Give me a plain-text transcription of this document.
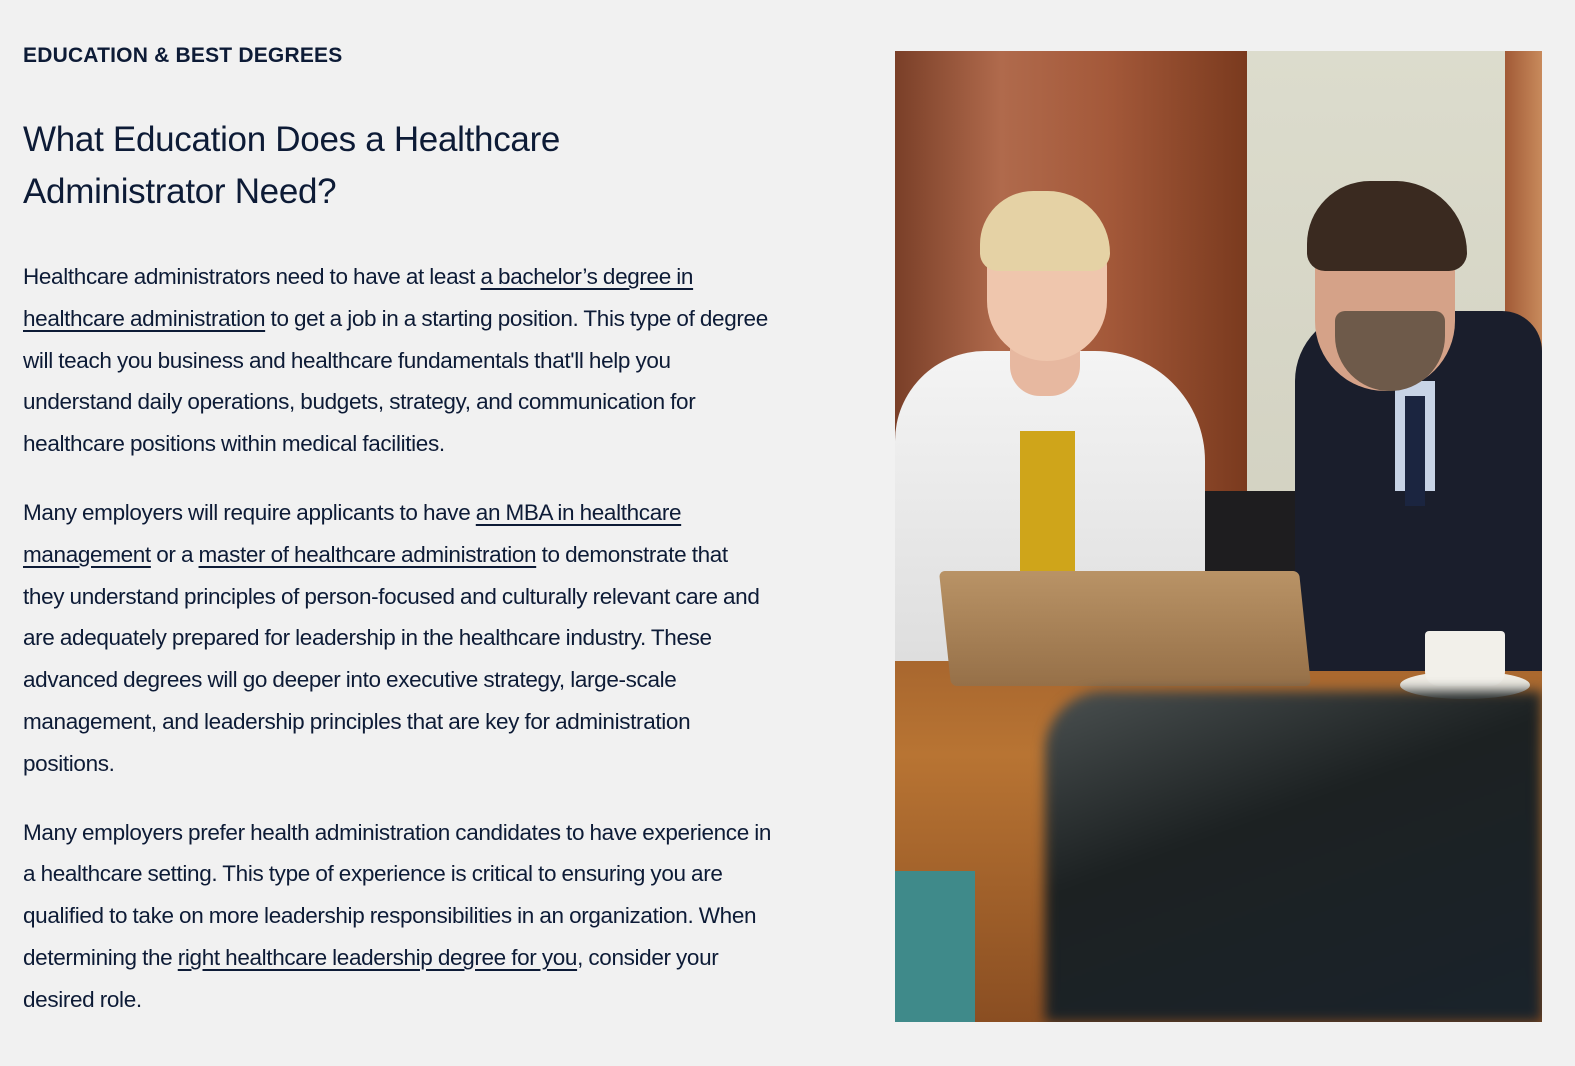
EDUCATION & BEST DEGREES
What Education Does a Healthcare Administrator Need?

Healthcare administrators need to have at least a bachelor’s degree in healthcare administration to get a job in a starting position. This type of degree will teach you business and healthcare fundamentals that'll help you understand daily operations, budgets, strategy, and communication for healthcare positions within medical facilities.

Many employers will require applicants to have an MBA in healthcare management or a master of healthcare administration to demonstrate that they understand principles of person-focused and culturally relevant care and are adequately prepared for leadership in the healthcare industry. These advanced degrees will go deeper into executive strategy, large-scale management, and leadership principles that are key for administration positions.

Many employers prefer health administration candidates to have experience in a healthcare setting. This type of experience is critical to ensuring you are qualified to take on more leadership responsibilities in an organization. When determining the right healthcare leadership degree for you, consider your desired role.
